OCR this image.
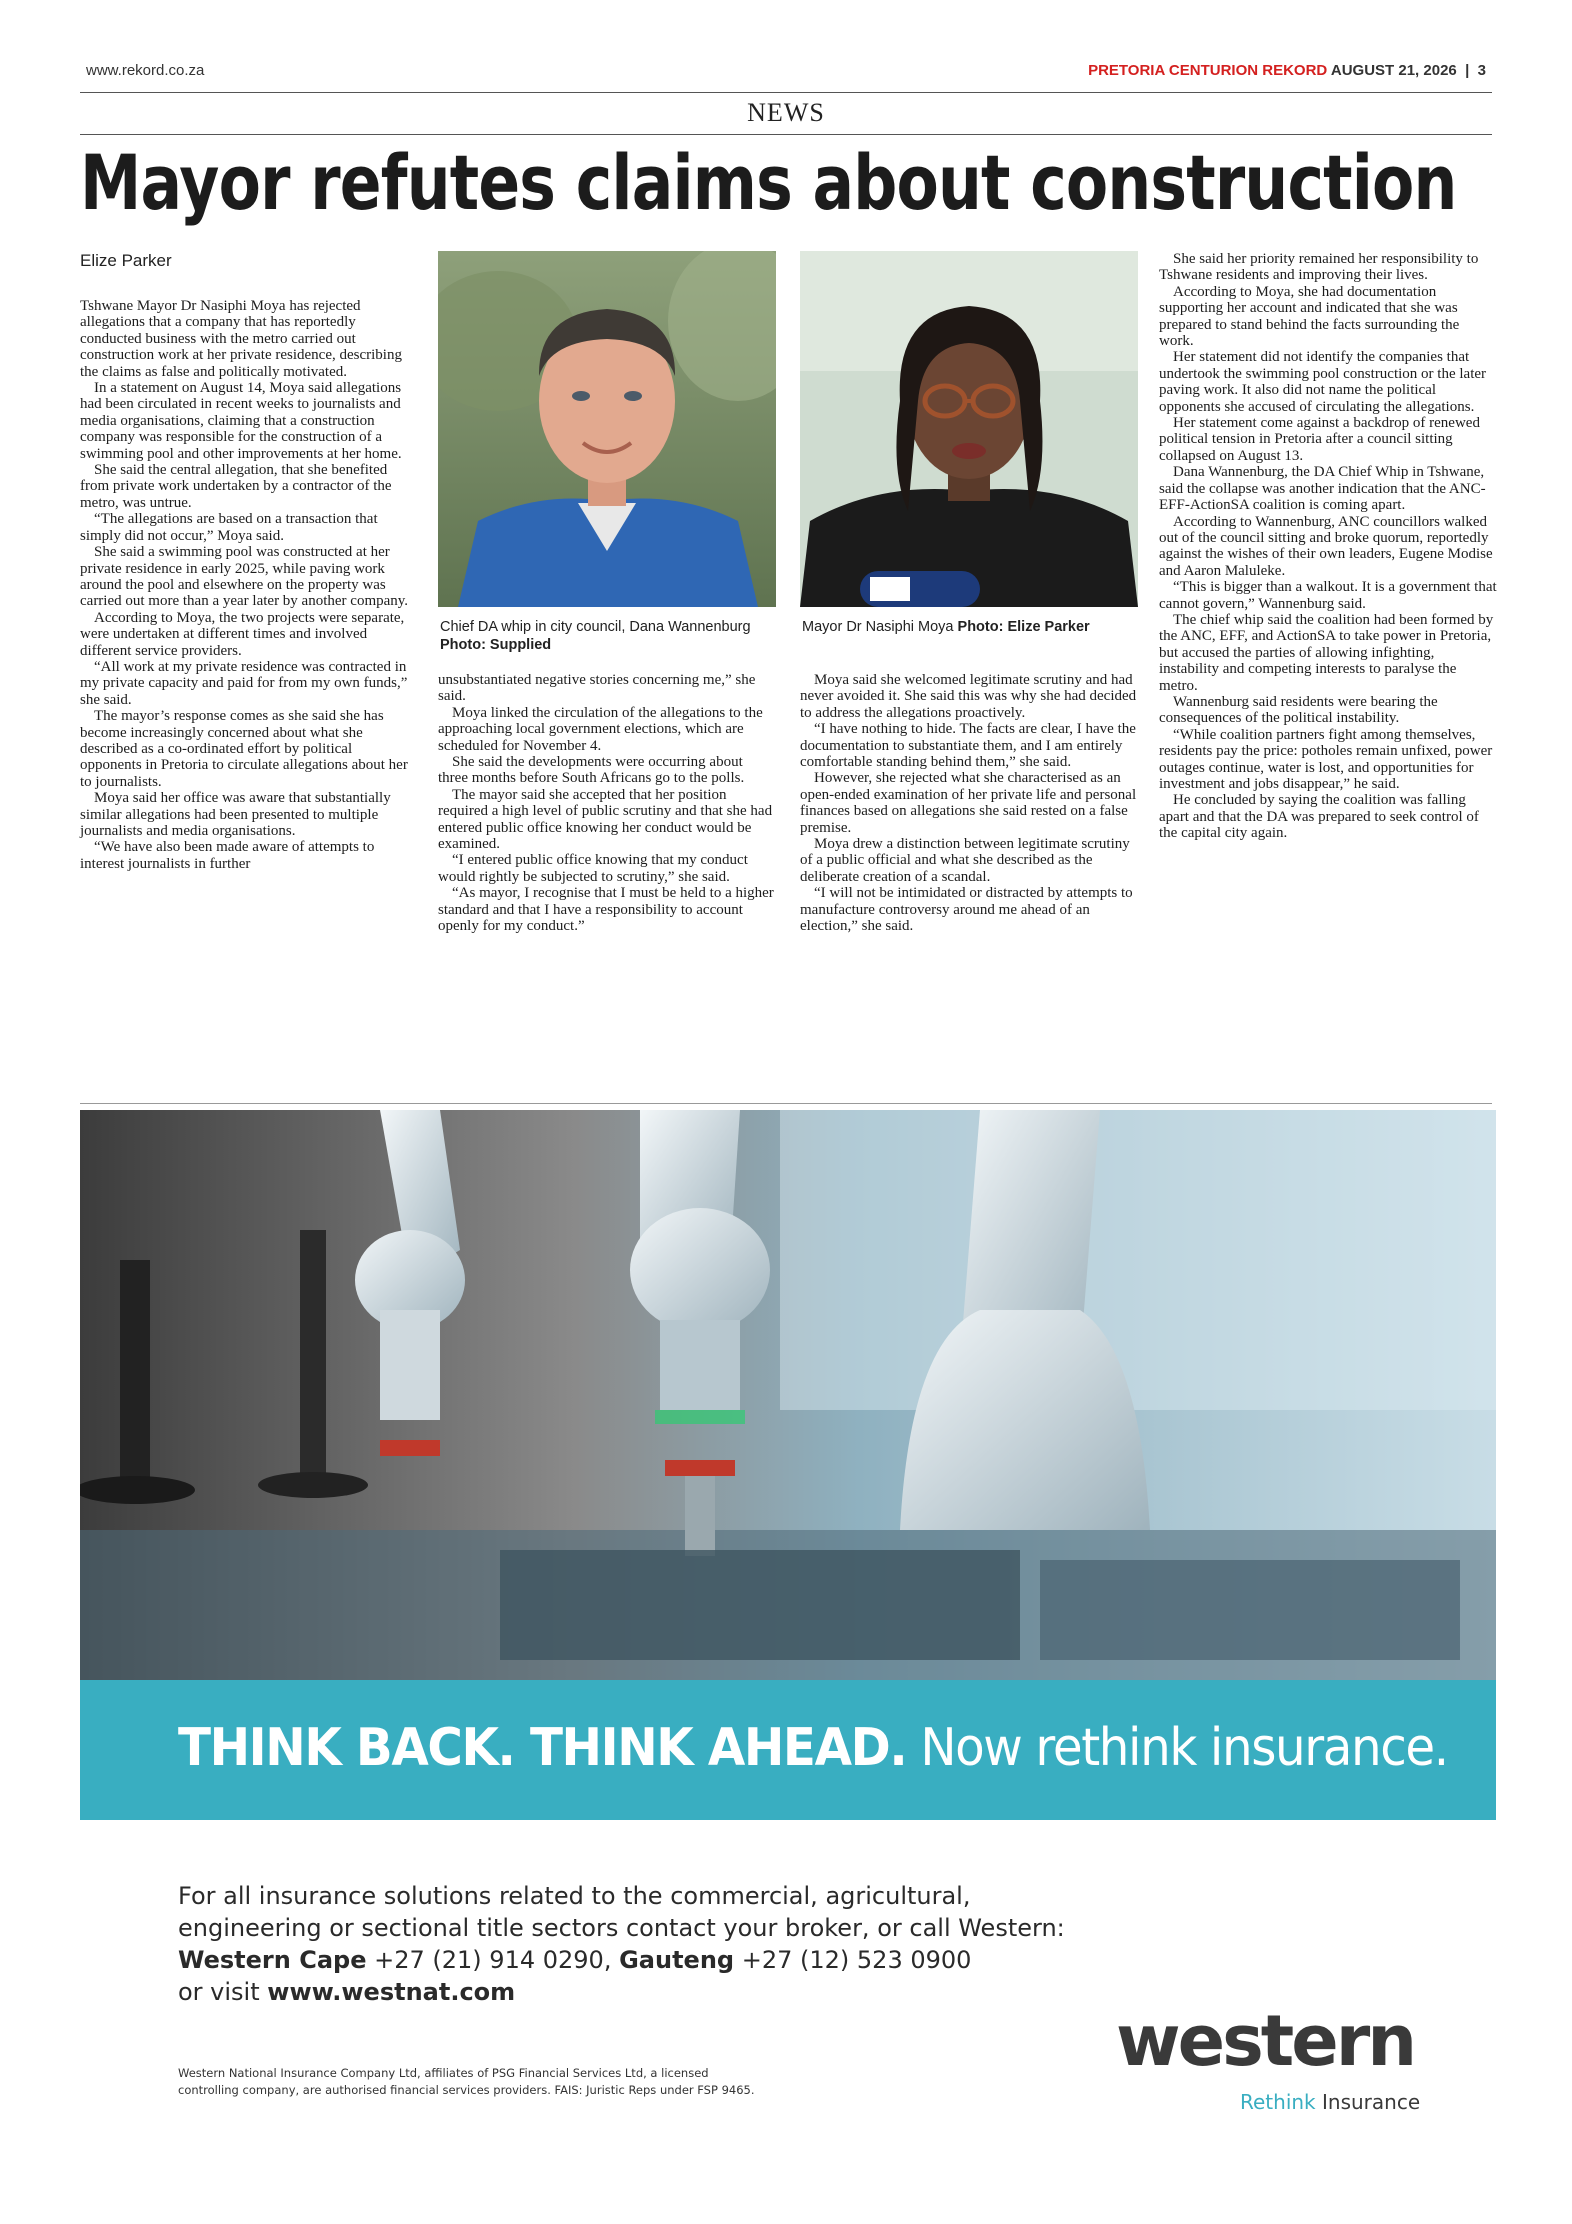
www.rekord.co.za	PRETORIA CENTURION REKORD AUGUST 21, 2026 | 3
NEWS
Mayor refutes claims about construction
Elize Parker

Tshwane Mayor Dr Nasiphi Moya has rejected allegations that a company that has reportedly conducted business with the metro carried out construction work at her private residence, describing the claims as false and politically motivated.

In a statement on August 14, Moya said allegations had been circulated in recent weeks to journalists and media organisations, claiming that a construction company was responsible for the construction of a swimming pool and other improvements at her home.

She said the central allegation, that she benefited from private work undertaken by a contractor of the metro, was untrue.

“The allegations are based on a transaction that simply did not occur,” Moya said.

She said a swimming pool was constructed at her private residence in early 2025, while paving work around the pool and elsewhere on the property was carried out more than a year later by another company.

According to Moya, the two projects were separate, were undertaken at different times and involved different service providers.

“All work at my private residence was contracted in my private capacity and paid for from my own funds,” she said.

The mayor’s response comes as she said she has become increasingly concerned about what she described as a co-ordinated effort by political opponents in Pretoria to circulate allegations about her to journalists.

Moya said her office was aware that substantially similar allegations had been presented to multiple journalists and media organisations.

“We have also been made aware of attempts to interest journalists in further

Chief DA whip in city council, Dana Wannenburg Photo: Supplied
Mayor Dr Nasiphi Moya Photo: Elize Parker

unsubstantiated negative stories concerning me,” she said.

Moya linked the circulation of the allegations to the approaching local government elections, which are scheduled for November 4.

She said the developments were occurring about three months before South Africans go to the polls.

The mayor said she accepted that her position required a high level of public scrutiny and that she had entered public office knowing her conduct would be examined.

“I entered public office knowing that my conduct would rightly be subjected to scrutiny,” she said.

“As mayor, I recognise that I must be held to a higher standard and that I have a responsibility to account openly for my conduct.”

Moya said she welcomed legitimate scrutiny and had never avoided it. She said this was why she had decided to address the allegations proactively.

“I have nothing to hide. The facts are clear, I have the documentation to substantiate them, and I am entirely comfortable standing behind them,” she said.

However, she rejected what she characterised as an open-ended examination of her private life and personal finances based on allegations she said rested on a false premise.

Moya drew a distinction between legitimate scrutiny of a public official and what she described as the deliberate creation of a scandal.

“I will not be intimidated or distracted by attempts to manufacture controversy around me ahead of an election,” she said.

She said her priority remained her responsibility to Tshwane residents and improving their lives.

According to Moya, she had documentation supporting her account and indicated that she was prepared to stand behind the facts surrounding the work.

Her statement did not identify the companies that undertook the swimming pool construction or the later paving work. It also did not name the political opponents she accused of circulating the allegations.

Her statement come against a backdrop of renewed political tension in Pretoria after a council sitting collapsed on August 13.

Dana Wannenburg, the DA Chief Whip in Tshwane, said the collapse was another indication that the ANC-EFF-ActionSA coalition is coming apart.

According to Wannenburg, ANC councillors walked out of the council sitting and broke quorum, reportedly against the wishes of their own leaders, Eugene Modise and Aaron Maluleke.

“This is bigger than a walkout. It is a government that cannot govern,” Wannenburg said.

The chief whip said the coalition had been formed by the ANC, EFF, and ActionSA to take power in Pretoria, but accused the parties of allowing infighting, instability and competing interests to paralyse the metro.

Wannenburg said residents were bearing the consequences of the political instability.

“While coalition partners fight among themselves, residents pay the price: potholes remain unfixed, power outages continue, water is lost, and opportunities for investment and jobs disappear,” he said.

He concluded by saying the coalition was falling apart and that the DA was prepared to seek control of the capital city again.

THINK BACK. THINK AHEAD. Now rethink insurance.
For all insurance solutions related to the commercial, agricultural,
engineering or sectional title sectors contact your broker, or call Western:
Western Cape +27 (21) 914 0290, Gauteng +27 (12) 523 0900
or visit www.westnat.com
Western National Insurance Company Ltd, affiliates of PSG Financial Services Ltd, a licensed
controlling company, are authorised financial services providers. FAIS: Juristic Reps under FSP 9465.
western
Rethink Insurance
